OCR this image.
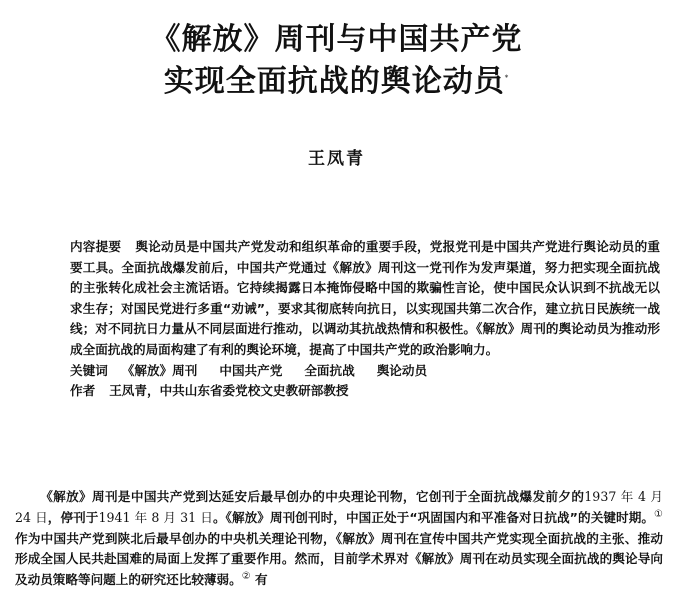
《解放》周刊与中国共产党
实现全面抗战的舆论动员*
王凤青

内容提要 舆论动员是中国共产党发动和组织革命的重要手段，党报党刊是中国共产党进行舆论动员的重要工具。全面抗战爆发前后，中国共产党通过《解放》周刊这一党刊作为发声渠道，努力把实现全面抗战的主张转化成社会主流话语。它持续揭露日本掩饰侵略中国的欺骗性言论，使中国民众认识到不抗战无以求生存；对国民党进行多重“劝诫”，要求其彻底转向抗日，以实现国共第二次合作，建立抗日民族统一战线；对不同抗日力量从不同层面进行推动，以调动其抗战热情和积极性。《解放》周刊的舆论动员为推动形成全面抗战的局面构建了有利的舆论环境，提高了中国共产党的政治影响力。

关键词 《解放》周刊 中国共产党 全面抗战 舆论动员

作者 王凤青，中共山东省委党校文史教研部教授

《解放》周刊是中国共产党到达延安后最早创办的中央理论刊物，它创刊于全面抗战爆发前夕的1937 年 4 月 24 日，停刊于1941 年 8 月 31 日。《解放》周刊创刊时，中国正处于“巩固国内和平准备对日抗战”的关键时期。①作为中国共产党到陕北后最早创办的中央机关理论刊物，《解放》周刊在宣传中国共产党实现全面抗战的主张、推动形成全国人民共赴国难的局面上发挥了重要作用。然而，目前学术界对《解放》周刊在动员实现全面抗战的舆论导向及动员策略等问题上的研究还比较薄弱。② 有
